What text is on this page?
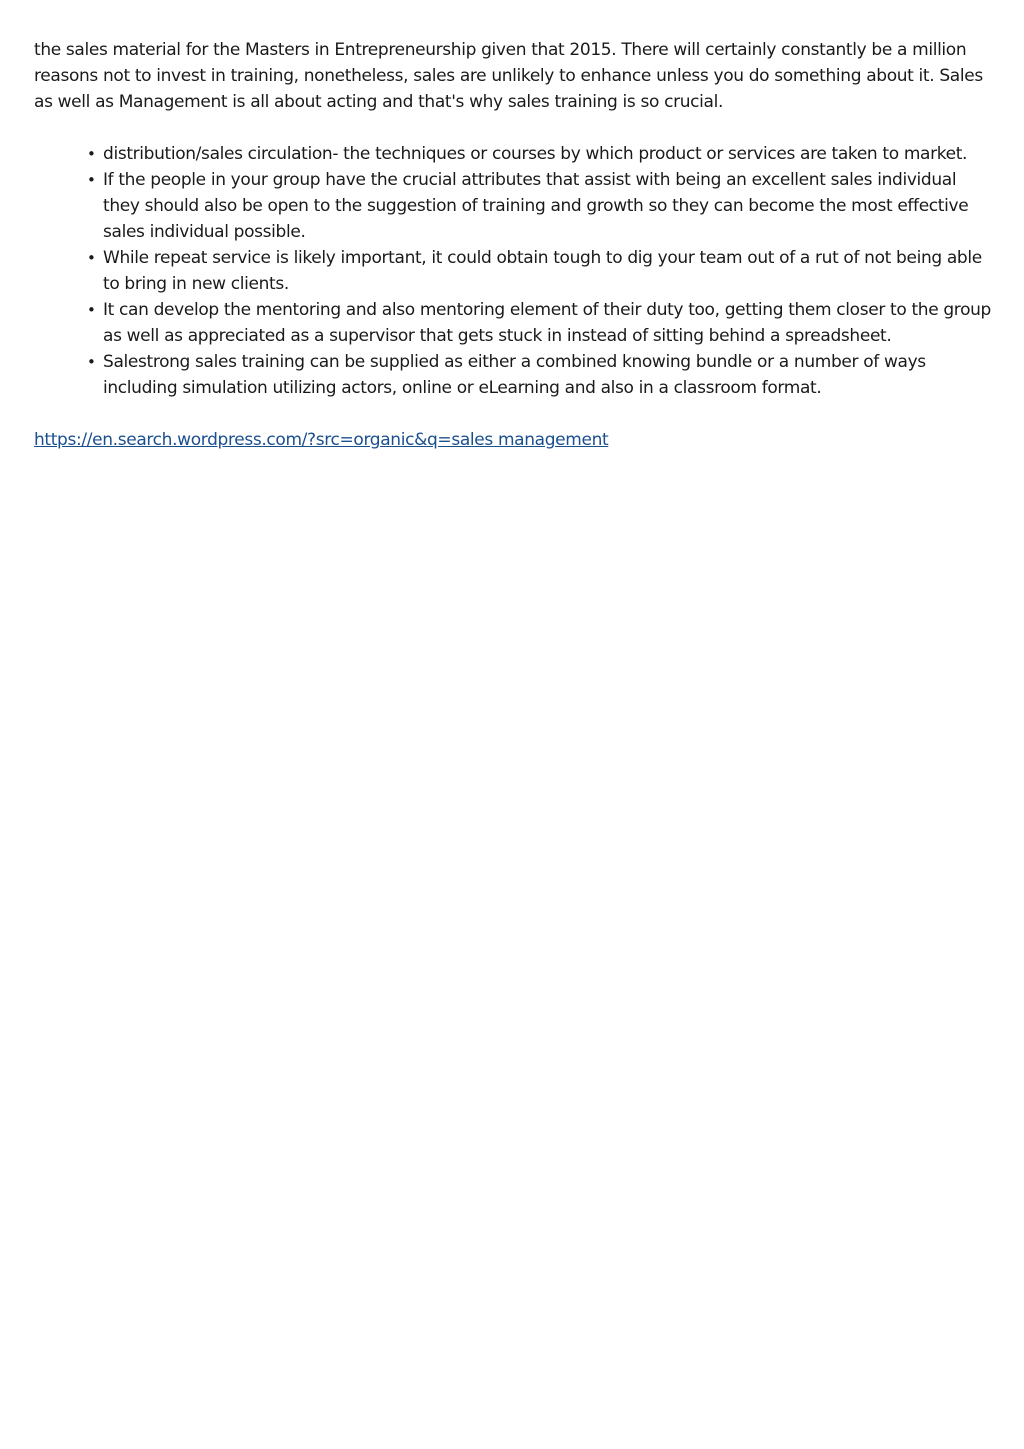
the sales material for the Masters in Entrepreneurship given that 2015. There will certainly constantly be a million reasons not to invest in training, nonetheless, sales are unlikely to enhance unless you do something about it. Sales as well as Management is all about acting and that's why sales training is so crucial.

• distribution/sales circulation- the techniques or courses by which product or services are taken to market.
• If the people in your group have the crucial attributes that assist with being an excellent sales individual they should also be open to the suggestion of training and growth so they can become the most effective sales individual possible.
• While repeat service is likely important, it could obtain tough to dig your team out of a rut of not being able to bring in new clients.
• It can develop the mentoring and also mentoring element of their duty too, getting them closer to the group as well as appreciated as a supervisor that gets stuck in instead of sitting behind a spreadsheet.
• Salestrong sales training can be supplied as either a combined knowing bundle or a number of ways including simulation utilizing actors, online or eLearning and also in a classroom format.

https://en.search.wordpress.com/?src=organic&q=sales management
